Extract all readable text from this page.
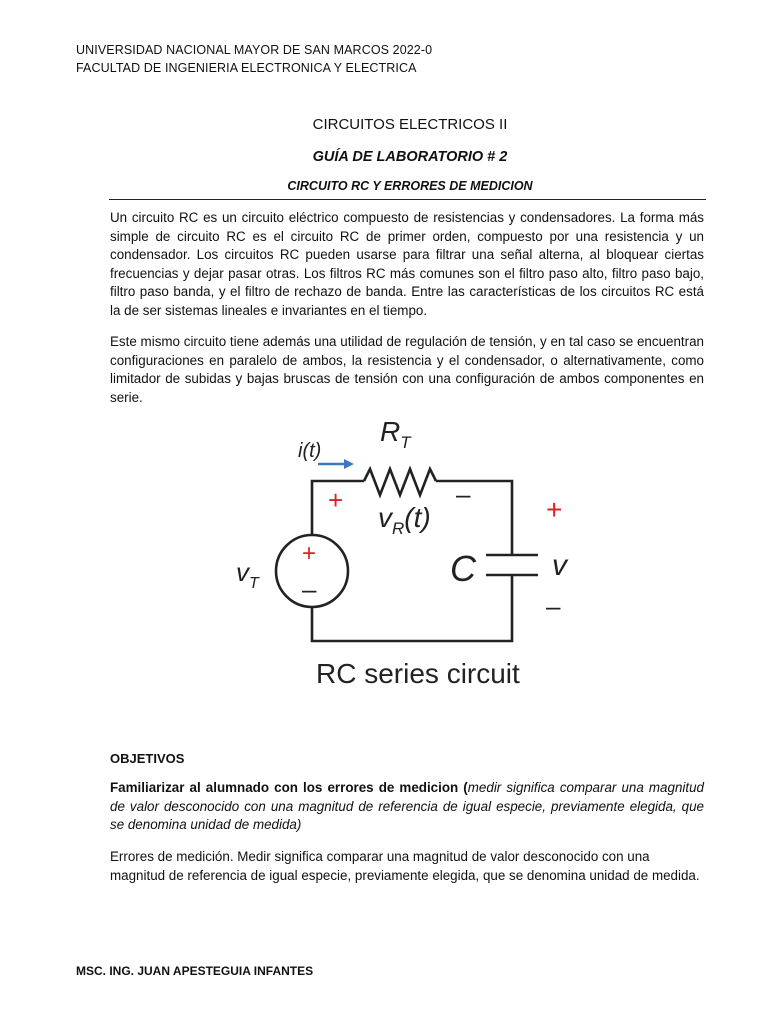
UNIVERSIDAD NACIONAL MAYOR DE SAN MARCOS 2022-0
FACULTAD DE INGENIERIA ELECTRONICA Y ELECTRICA
CIRCUITOS ELECTRICOS II
GUÍA DE LABORATORIO # 2
CIRCUITO RC Y ERRORES DE MEDICION
Un circuito RC es un circuito eléctrico compuesto de resistencias y condensadores. La forma más simple de circuito RC es el circuito RC de primer orden, compuesto por una resistencia y un condensador. Los circuitos RC pueden usarse para filtrar una señal alterna, al bloquear ciertas frecuencias y dejar pasar otras. Los filtros RC más comunes son el filtro paso alto, filtro paso bajo, filtro paso banda, y el filtro de rechazo de banda. Entre las características de los circuitos RC está la de ser sistemas lineales e invariantes en el tiempo.
Este mismo circuito tiene además una utilidad de regulación de tensión, y en tal caso se encuentran configuraciones en paralelo de ambos, la resistencia y el condensador, o alternativamente, como limitador de subidas y bajas bruscas de tensión con una configuración de ambos componentes en serie.
i(t)
$R_T$
$v_R(t)$
$v_T$	C	v
+	–
+
–
+
–
RC series circuit
OBJETIVOS
Familiarizar al alumnado con los errores de medicion (medir significa comparar una magnitud de valor desconocido con una magnitud de referencia de igual especie, previamente elegida, que se denomina unidad de medida)
Errores de medición. Medir significa comparar una magnitud de valor desconocido con una magnitud de referencia de igual especie, previamente elegida, que se denomina unidad de medida.
MSC. ING. JUAN APESTEGUIA INFANTES
